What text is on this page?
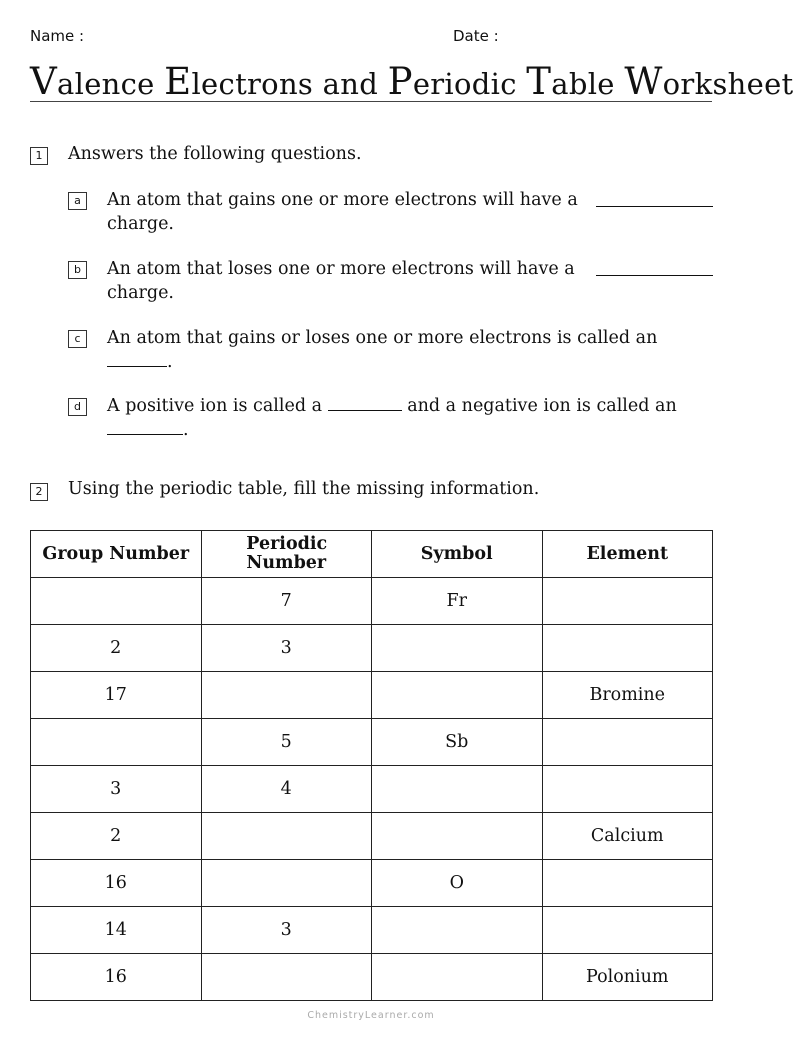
Name :	Date :
Valence Electrons and Periodic Table Worksheet
1	Answers the following questions.
a	An atom that gains one or more electrons will have a
charge.
b	An atom that loses one or more electrons will have a
charge.
c	An atom that gains or loses one or more electrons is called an
.
d	A positive ion is called a	and a negative ion is called an
.
2	Using the periodic table, fill the missing information.
Group Number	Periodic Number	Symbol	Element
	7	Fr	
2	3		
17			Bromine
	5	Sb	
3	4		
2			Calcium
16		O	
14	3		
16			Polonium
ChemistryLearner.com
